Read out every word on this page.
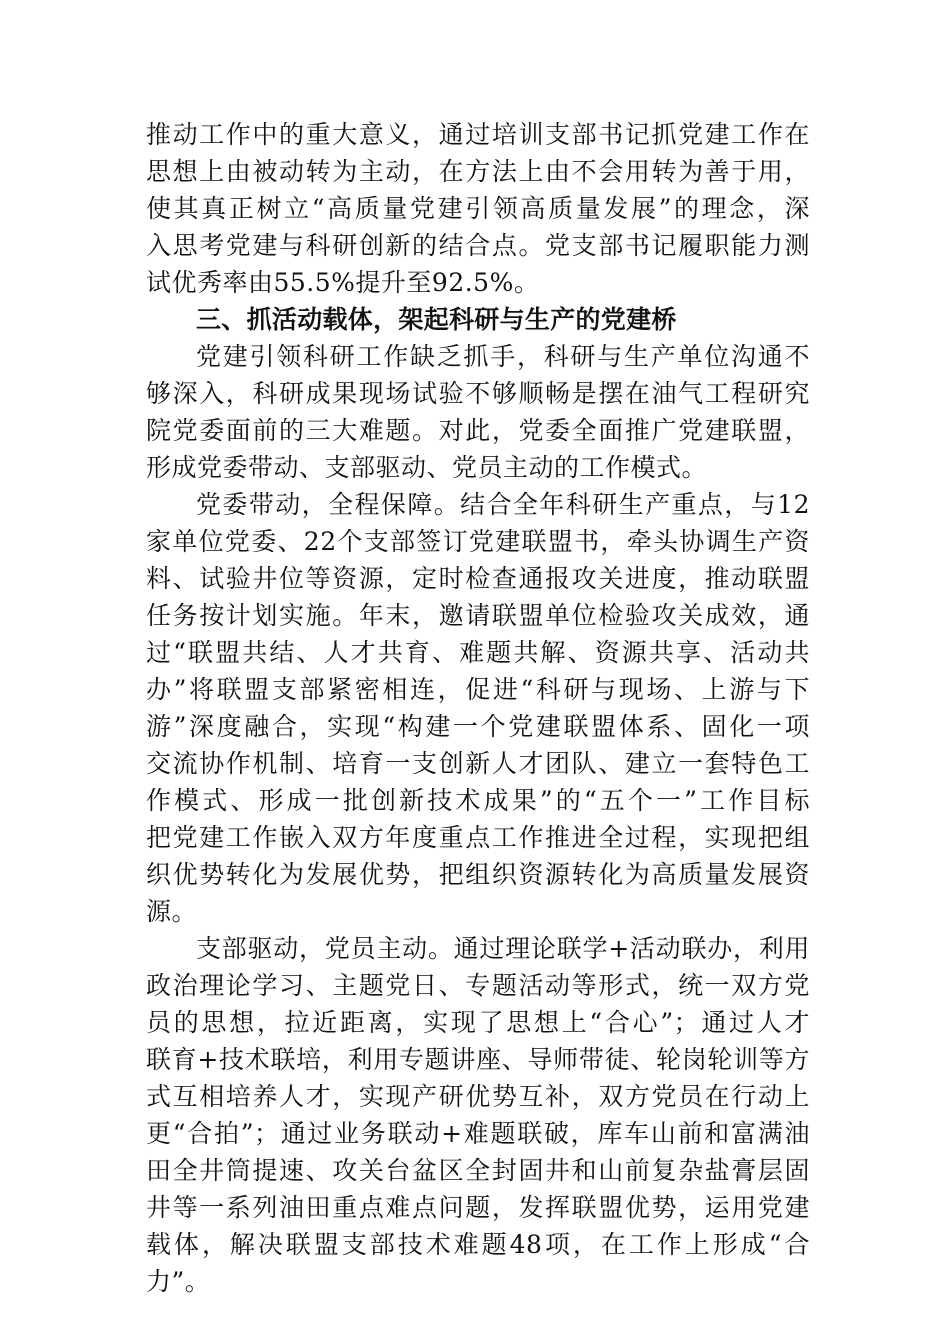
推动工作中的重大意义，通过培训支部书记抓党建工作在
思想上由被动转为主动，在方法上由不会用转为善于用，
使其真正树立“高质量党建引领高质量发展”的理念，深
入思考党建与科研创新的结合点。党支部书记履职能力测
试优秀率由55.5%提升至92.5%。
三、抓活动载体，架起科研与生产的党建桥
党建引领科研工作缺乏抓手，科研与生产单位沟通不
够深入，科研成果现场试验不够顺畅是摆在油气工程研究
院党委面前的三大难题。对此，党委全面推广党建联盟，
形成党委带动、支部驱动、党员主动的工作模式。
党委带动，全程保障。结合全年科研生产重点，与12
家单位党委、22个支部签订党建联盟书，牵头协调生产资
料、试验井位等资源，定时检查通报攻关进度，推动联盟
任务按计划实施。年末，邀请联盟单位检验攻关成效，通
过“联盟共结、人才共育、难题共解、资源共享、活动共
办”将联盟支部紧密相连，促进“科研与现场、上游与下
游”深度融合，实现“构建一个党建联盟体系、固化一项
交流协作机制、培育一支创新人才团队、建立一套特色工
作模式、形成一批创新技术成果”的“五个一”工作目标
把党建工作嵌入双方年度重点工作推进全过程，实现把组
织优势转化为发展优势，把组织资源转化为高质量发展资
源。
支部驱动，党员主动。通过理论联学+活动联办，利用
政治理论学习、主题党日、专题活动等形式，统一双方党
员的思想，拉近距离，实现了思想上“合心”；通过人才
联育+技术联培，利用专题讲座、导师带徒、轮岗轮训等方
式互相培养人才，实现产研优势互补，双方党员在行动上
更“合拍”；通过业务联动+难题联破，库车山前和富满油
田全井筒提速、攻关台盆区全封固井和山前复杂盐膏层固
井等一系列油田重点难点问题，发挥联盟优势，运用党建
载体，解决联盟支部技术难题48项，在工作上形成“合
力”。
